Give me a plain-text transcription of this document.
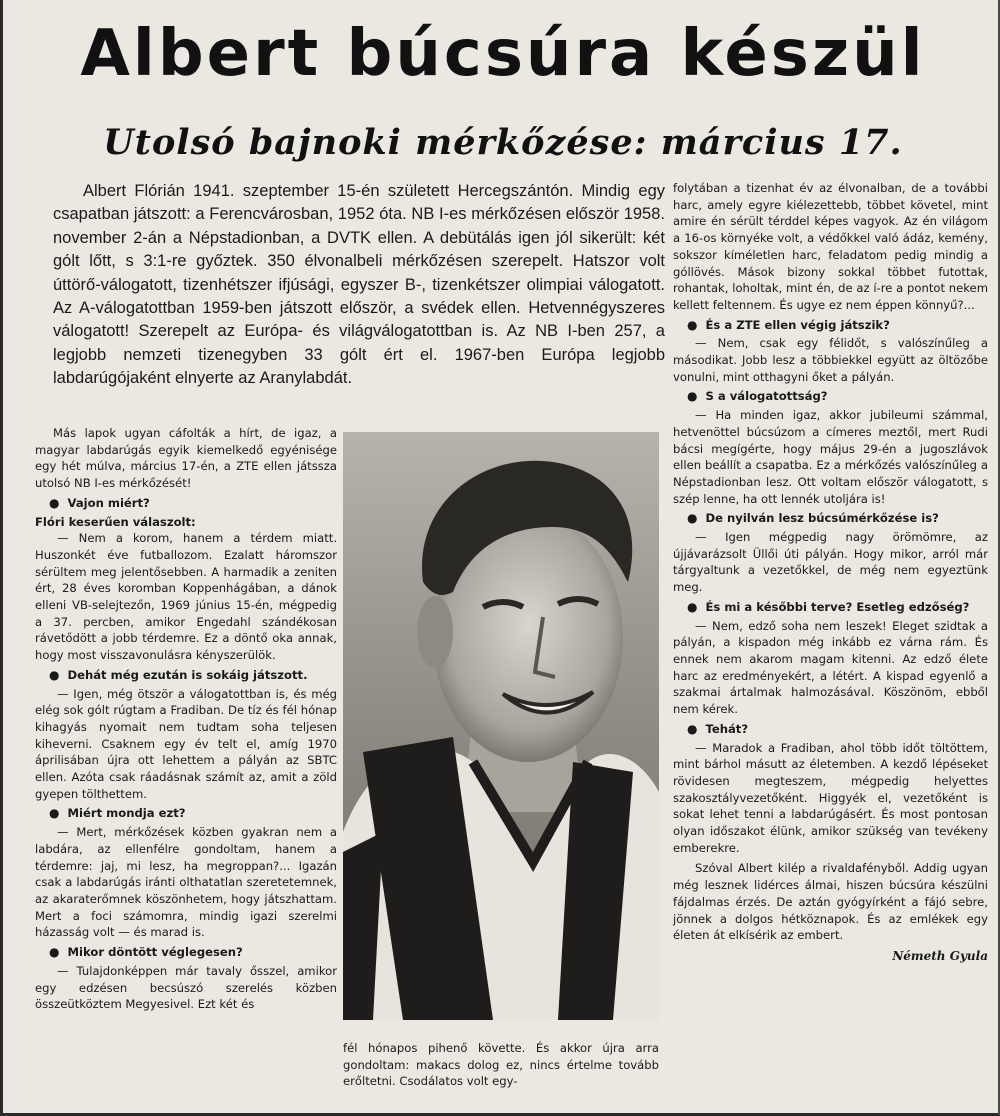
Albert búcsúra készül
Utolsó bajnoki mérkőzése: március 17.
Albert Flórián 1941. szeptember 15-én született Hercegszántón. Mindig egy csapatban játszott: a Ferencvárosban, 1952 óta. NB I-es mérkőzésen először 1958. november 2-án a Népstadionban, a DVTK ellen. A debütálás igen jól sikerült: két gólt lőtt, s 3:1-re győztek. 350 élvonalbeli mérkőzésen szerepelt. Hatszor volt úttörő-válogatott, tizenhétszer ifjúsági, egyszer B-, tizenkétszer olimpiai válogatott. Az A-válogatottban 1959-ben játszott először, a svédek ellen. Hetvennégyszeres válogatott! Szerepelt az Európa- és világválogatottban is. Az NB I-ben 257, a legjobb nemzeti tizenegyben 33 gólt ért el. 1967-ben Európa legjobb labdarúgójaként elnyerte az Aranylabdát.

Más lapok ugyan cáfolták a hírt, de igaz, a magyar labdarúgás egyik kiemelkedő egyénisége egy hét múlva, március 17-én, a ZTE ellen játssza utolsó NB I-es mérkőzését!

● Vajon miért?

Flóri keserűen válaszolt:

— Nem a korom, hanem a térdem miatt. Huszonkét éve futballozom. Ezalatt háromszor sérültem meg jelentősebben. A harmadik a zeniten ért, 28 éves koromban Koppenhágában, a dánok elleni VB-selejtezőn, 1969 június 15-én, mégpedig a 37. percben, amikor Engedahl szándékosan rávetődött a jobb térdemre. Ez a döntő oka annak, hogy most visszavonulásra kényszerülök.

● Dehát még ezután is sokáig játszott.

— Igen, még ötször a válogatottban is, és még elég sok gólt rúgtam a Fradiban. De tíz és fél hónap kihagyás nyomait nem tudtam soha teljesen kiheverni. Csaknem egy év telt el, amíg 1970 áprilisában újra ott lehettem a pályán az SBTC ellen. Azóta csak ráadásnak számít az, amit a zöld gyepen tölthettem.

● Miért mondja ezt?

— Mert, mérkőzések közben gyakran nem a labdára, az ellenfélre gondoltam, hanem a térdemre: jaj, mi lesz, ha megroppan?... Igazán csak a labdarúgás iránti olthatatlan szeretetemnek, az akaraterőmnek köszönhetem, hogy játszhattam. Mert a foci számomra, mindig igazi szerelmi házasság volt — és marad is.

● Mikor döntött véglegesen?

— Tulajdonképpen már tavaly ősszel, amikor egy edzésen becsúszó szerelés közben összeütköztem Megyesivel. Ezt két és

fél hónapos pihenő követte. És akkor újra arra gondoltam: makacs dolog ez, nincs értelme tovább erőltetni. Csodálatos volt egy-

folytában a tizenhat év az élvonalban, de a további harc, amely egyre kiélezettebb, többet követel, mint amire én sérült térddel képes vagyok. Az én világom a 16-os környéke volt, a védőkkel való ádáz, kemény, sokszor kíméletlen harc, feladatom pedig mindig a góllövés. Mások bizony sokkal többet futottak, rohantak, loholtak, mint én, de az í-re a pontot nekem kellett feltennem. És ugye ez nem éppen könnyű?...

● És a ZTE ellen végig játszik?

— Nem, csak egy félidőt, s valószínűleg a másodikat. Jobb lesz a többiekkel együtt az öltözőbe vonulni, mint otthagyni őket a pályán.

● S a válogatottság?

— Ha minden igaz, akkor jubileumi számmal, hetvenöttel búcsúzom a címeres meztől, mert Rudi bácsi megígérte, hogy május 29-én a jugoszlávok ellen beállít a csapatba. Ez a mérkőzés valószínűleg a Népstadionban lesz. Ott voltam először válogatott, s szép lenne, ha ott lennék utoljára is!

● De nyilván lesz búcsúmérkőzése is?

— Igen mégpedig nagy örömömre, az újjávarázsolt Üllői úti pályán. Hogy mikor, arról már tárgyaltunk a vezetőkkel, de még nem egyeztünk meg.

● És mi a későbbi terve? Esetleg edzőség?

— Nem, edző soha nem leszek! Eleget szidtak a pályán, a kispadon még inkább ez várna rám. És ennek nem akarom magam kitenni. Az edző élete harc az eredményekért, a létért. A kispad egyenlő a szakmai ártalmak halmozásával. Köszönöm, ebből nem kérek.

● Tehát?

— Maradok a Fradiban, ahol több időt töltöttem, mint bárhol másutt az életemben. A kezdő lépéseket rövidesen megteszem, mégpedig helyettes szakosztályvezetőként. Higgyék el, vezetőként is sokat lehet tenni a labdarúgásért. És most pontosan olyan időszakot élünk, amikor szükség van tevékeny emberekre.

Szóval Albert kilép a rivaldafényből. Addig ugyan még lesznek lidérces álmai, hiszen búcsúra készülni fájdalmas érzés. De aztán gyógyírként a fájó sebre, jönnek a dolgos hétköznapok. És az emlékek egy életen át elkísérik az embert.

Németh Gyula
